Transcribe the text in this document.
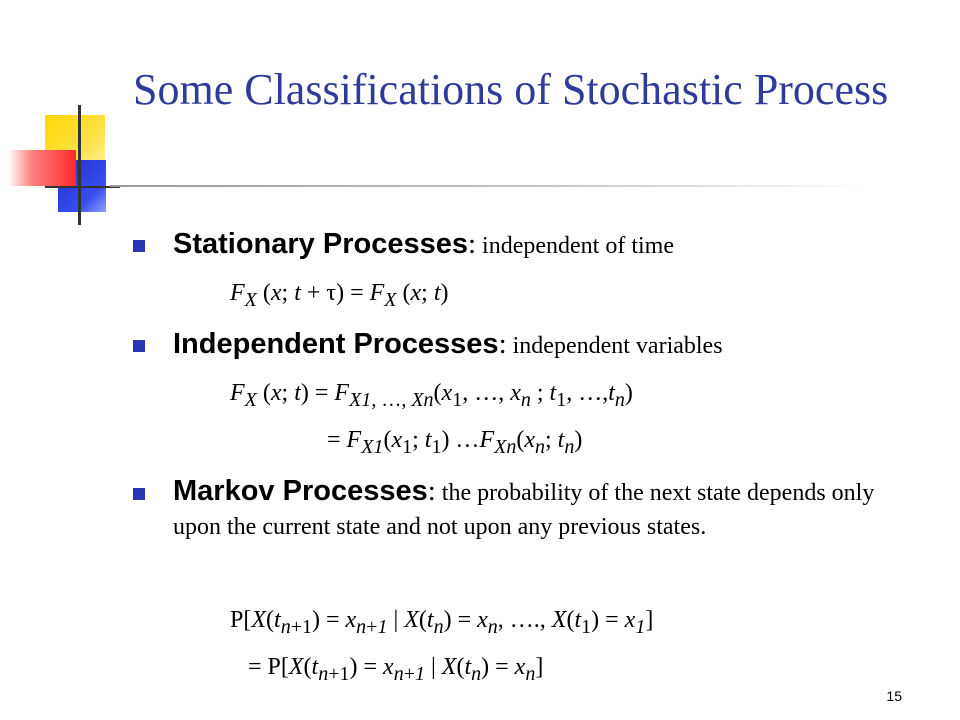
Some Classifications of Stochastic Process
Stationary Processes: independent of time
$F_X$ (x; $t + \tau) = F_X$ (x; t)
Independent Processes: independent variables
$F_X$ (x; $t) = F_{X1, \dots, Xn}(x_1$, …, $x_n$ ; $t_1$, $\dots,t_n$)
= $F_{X1}(x_1$; $t_1$) $\dots F_{Xn}(x_n$; $t_n$)
Markov Processes: the probability of the next state depends only upon the current state and not upon any previous states.
$P[X(t_{n+1}) = x_{n+1}$ | $X(t_n) = x_n$, …., $X(t_1) = x_1$]
= $P[X(t_{n+1}) = x_{n+1}$ | $X(t_n) = x_n$]
15
